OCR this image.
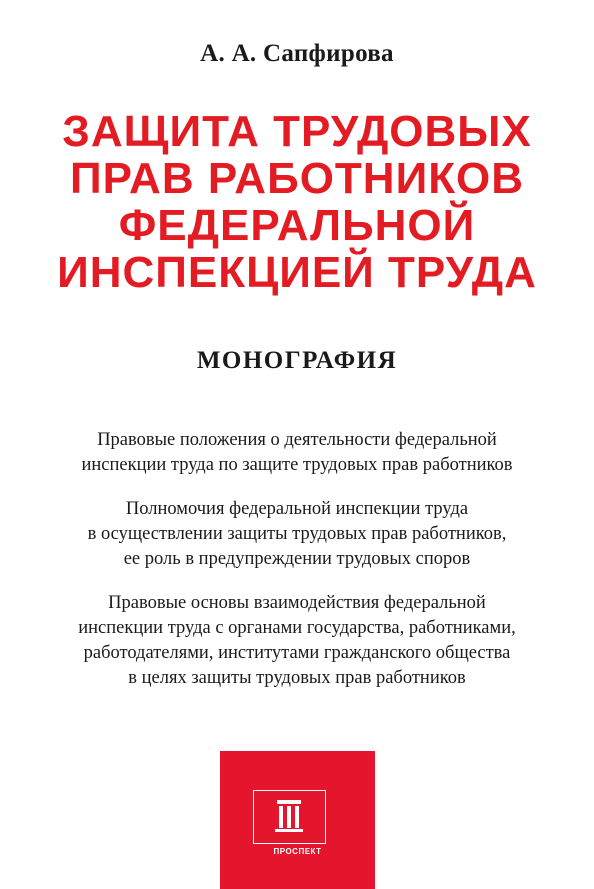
А. А. Сапфирова
ЗАЩИТА ТРУДОВЫХ
ПРАВ РАБОТНИКОВ
ФЕДЕРАЛЬНОЙ
ИНСПЕКЦИЕЙ ТРУДА
МОНОГРАФИЯ
Правовые положения о деятельности федеральной
инспекции труда по защите трудовых прав работников
Полномочия федеральной инспекции труда
в осуществлении защиты трудовых прав работников,
ее роль в предупреждении трудовых споров
Правовые основы взаимодействия федеральной
инспекции труда с органами государства, работниками,
работодателями, институтами гражданского общества
в целях защиты трудовых прав работников
ПРОСПЕКТ
